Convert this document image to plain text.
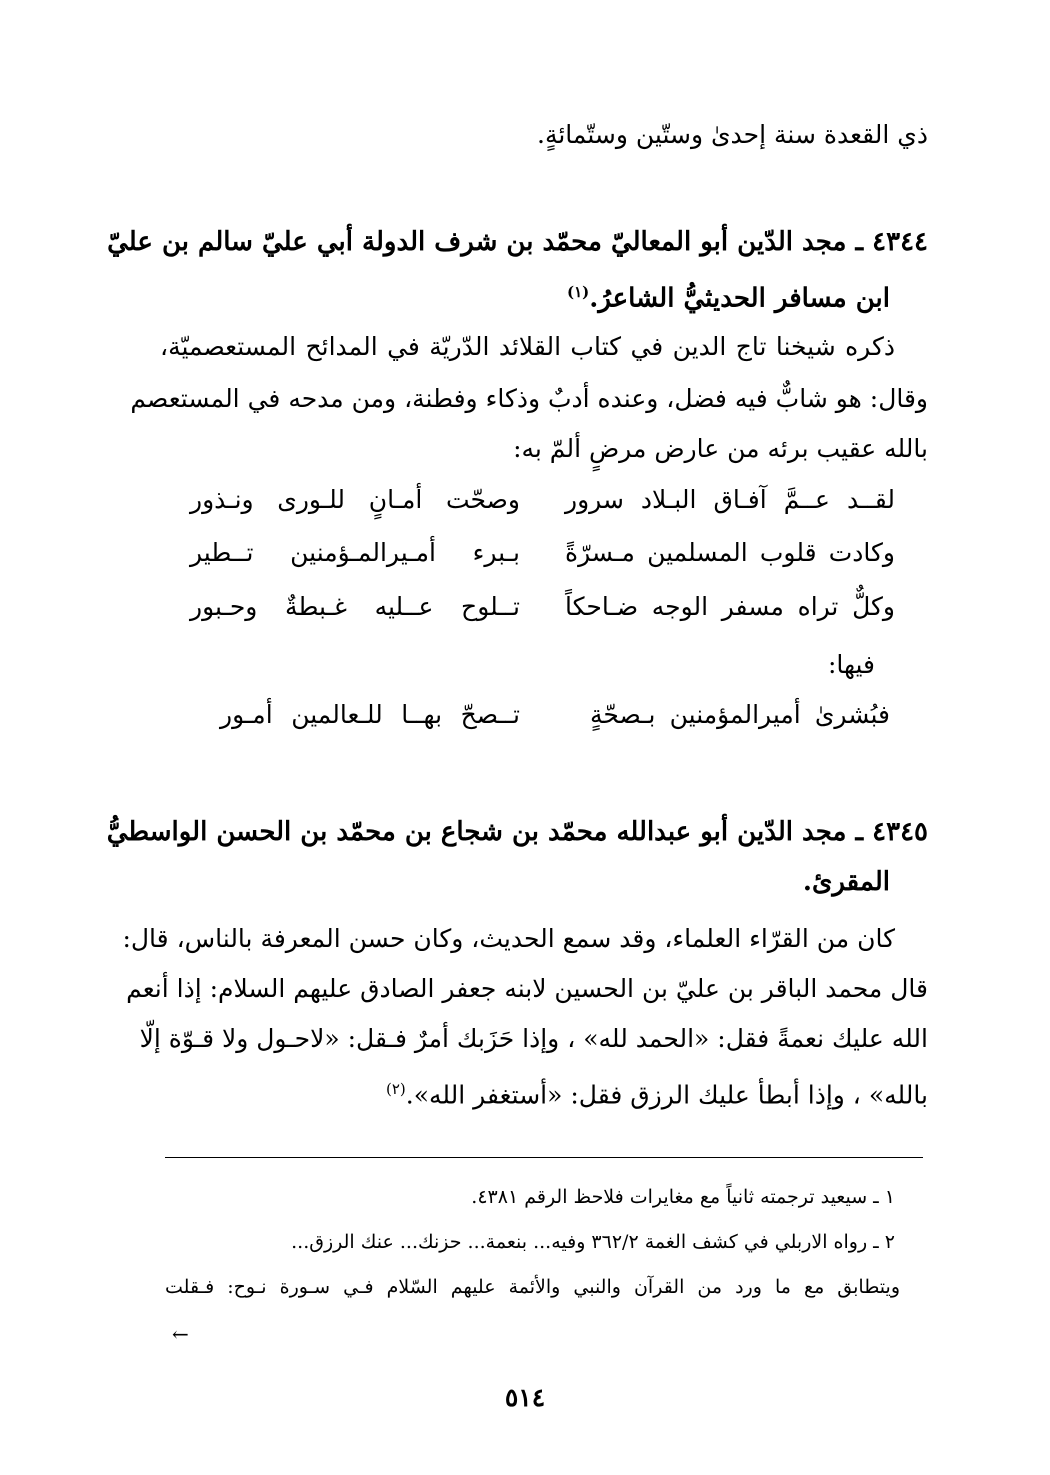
ذي القعدة سنة إحدىٰ وستّين وستّمائةٍ.
٤٣٤٤ ـ مجد الدّين أبو المعاليّ محمّد بن شرف الدولة أبي عليّ سالم بن عليّ
ابن مسافر الحديثيُّ الشاعرُ.$^{(١)}$
ذكره شيخنا تاج الدين في كتاب القلائد الدّريّة في المدائح المستعصميّة،
وقال: هو شابٌّ فيه فضل، وعنده أدبٌ وذكاء وفطنة، ومن مدحه في المستعصم
بالله عقيب برئه من عارض مرضٍ ألمّ به:
لقــد عــمَّ آفـاق البـلاد سرور
وصحّت أمـانٍ للـورى ونـذور
وكادت قلوب المسلمين مـسرّةً
بـبرء أمـيرالمـؤمنين تــطير
وكلٌّ تراه مسفر الوجه ضـاحكاً
تــلوح عــليه غـبطةٌ وحـبور
فيها:
فبُشرىٰ أميرالمؤمنين بـصحّةٍ
تــصحّ بهــا للـعالمين أمـور
٤٣٤٥ ـ مجد الدّين أبو عبدالله محمّد بن شجاع بن محمّد بن الحسن الواسطيُّ
المقرئ.
كان من القرّاء العلماء، وقد سمع الحديث، وكان حسن المعرفة بالناس، قال:
قال محمد الباقر بن عليّ بن الحسين لابنه جعفر الصادق عليهم السلام: إذا أنعم
الله عليك نعمةً فقل: «الحمد لله» ، وإذا حَزَبك أمرٌ فـقل: «لاحـول ولا قـوّة إلّا
بالله» ، وإذا أبطأ عليك الرزق فقل: «أستغفر الله».$^{(٢)}$
١ ـ سيعيد ترجمته ثانياً مع مغايرات فلاحظ الرقم ٤٣٨١.
٢ ـ رواه الاربلي في كشف الغمة ٣٦٢/٢ وفيه... بنعمة... حزنك... عنك الرزق...
ويتطابق مع ما ورد من القرآن والنبي والأئمة عليهم السّلام فـي سـورة نـوح: فـقلت
←
٥١٤
